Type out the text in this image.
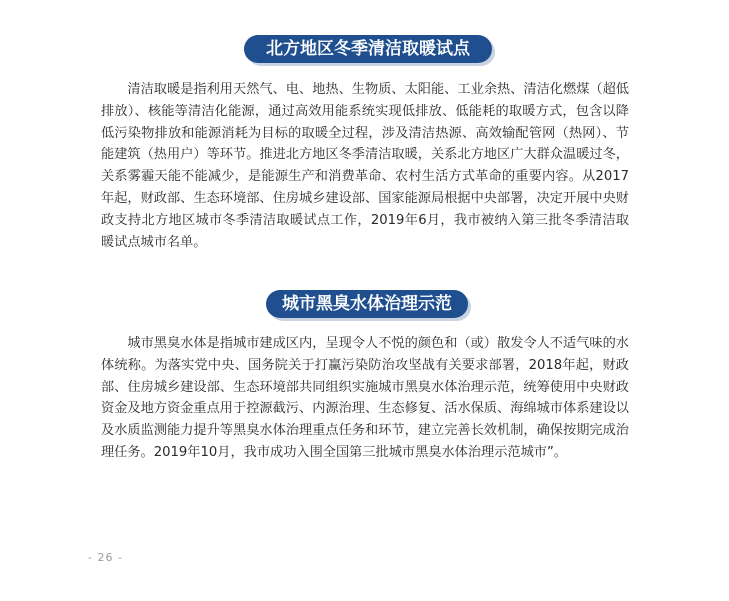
北方地区冬季清洁取暖试点

清洁取暖是指利用天然气、电、地热、生物质、太阳能、工业余热、清洁化燃煤（超低排放）、核能等清洁化能源，通过高效用能系统实现低排放、低能耗的取暖方式，包含以降低污染物排放和能源消耗为目标的取暖全过程，涉及清洁热源、高效输配管网（热网）、节能建筑（热用户）等环节。推进北方地区冬季清洁取暖，关系北方地区广大群众温暖过冬，关系雾霾天能不能减少，是能源生产和消费革命、农村生活方式革命的重要内容。从2017年起，财政部、生态环境部、住房城乡建设部、国家能源局根据中央部署，决定开展中央财政支持北方地区城市冬季清洁取暖试点工作，2019年6月，我市被纳入第三批冬季清洁取暖试点城市名单。

城市黑臭水体治理示范

城市黑臭水体是指城市建成区内，呈现令人不悦的颜色和（或）散发令人不适气味的水体统称。为落实党中央、国务院关于打赢污染防治攻坚战有关要求部署，2018年起，财政部、住房城乡建设部、生态环境部共同组织实施城市黑臭水体治理示范，统筹使用中央财政资金及地方资金重点用于控源截污、内源治理、生态修复、活水保质、海绵城市体系建设以及水质监测能力提升等黑臭水体治理重点任务和环节，建立完善长效机制，确保按期完成治理任务。2019年10月，我市成功入围全国第三批城市黑臭水体治理示范城市”。

- 26 -
